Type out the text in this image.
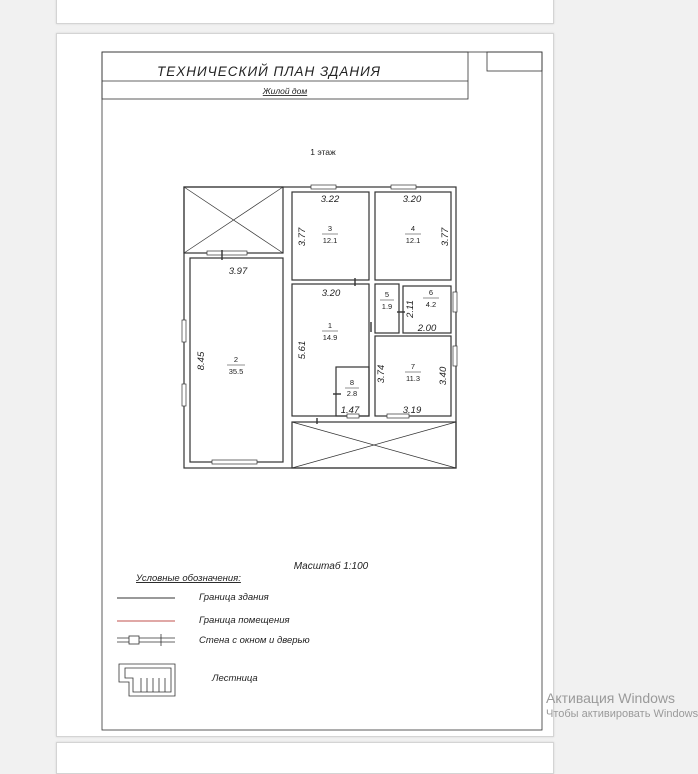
ТЕХНИЧЕСКИЙ ПЛАН ЗДАНИЯ
Жилой дом
1 этаж
1
14.9
2
35.5
3
12.1
4
12.1
5
1.9
6
4.2
7
11.3
8
2.8
3.22
3.77
3.20
3.77
3.97
8.45
3.20
5.61
2.11
2.00
3.40
3.19
3.74
1.47
Масштаб 1:100
Условные обозначения:
Граница здания
Граница помещения
Стена с окном и дверью
Лестница
Активация Windows
Чтобы активировать Windows
